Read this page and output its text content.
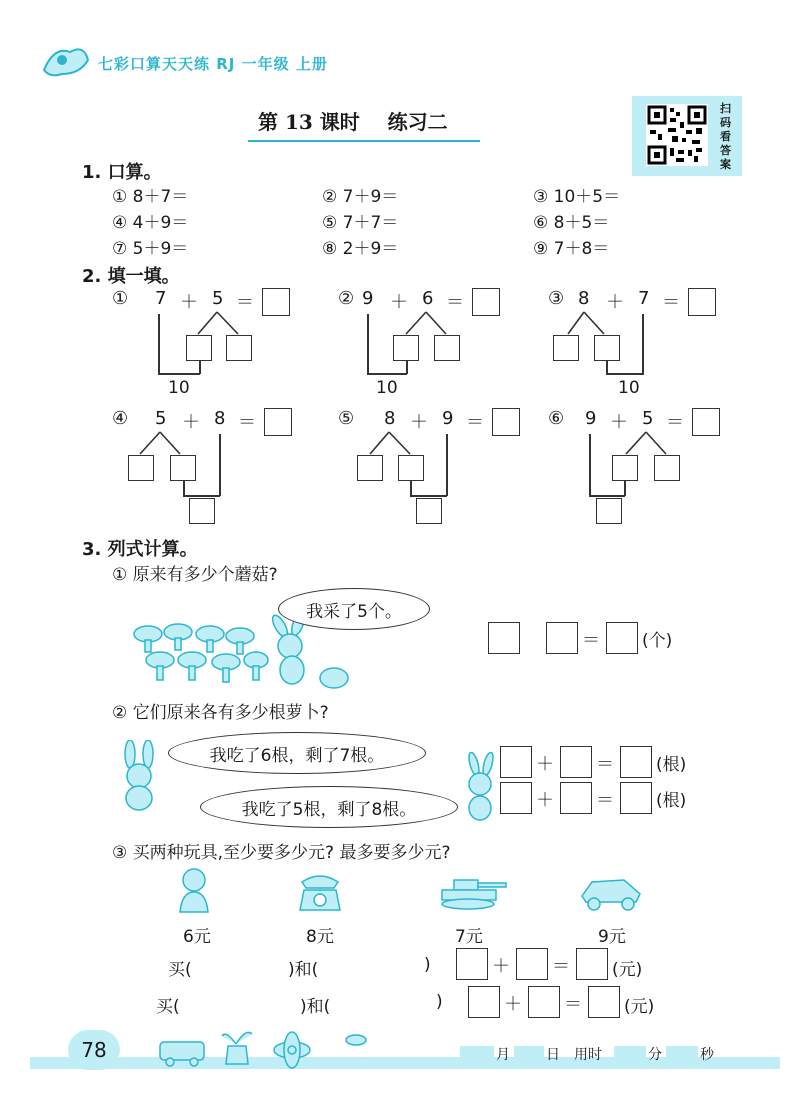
七彩口算天天练 RJ 一年级 上册
第 13 课时    练习二
扫码看答案
1. 口算。
① 8＋7＝	② 7＋9＝	③ 10＋5＝
④ 4＋9＝	⑤ 7＋7＝	⑥ 8＋5＝
⑦ 5＋9＝	⑧ 2＋9＝	⑨ 7＋8＝
2. 填一填。
① 7 ＋ 5 ＝
10
② 9 ＋ 6 ＝
10
③ 8 ＋ 7 ＝
10
④ 5 ＋ 8 ＝	⑤ 8 ＋ 9 ＝	⑥ 9 ＋ 5 ＝
3. 列式计算。
① 原来有多少个蘑菇?
我采了5个。
＝ (个)
② 它们原来各有多少根萝卜?
我吃了6根，剩了7根。
我吃了5根，剩了8根。
＋ ＝ (根)
＋ ＝ (根)
③ 买两种玩具,至少要多少元? 最多要多少元?
6元	8元	7元	9元
买(	)和(	)	＋ ＝ (元)
买(	)和(	)	＋ ＝ (元)
78	月	日 用时	分	秒
